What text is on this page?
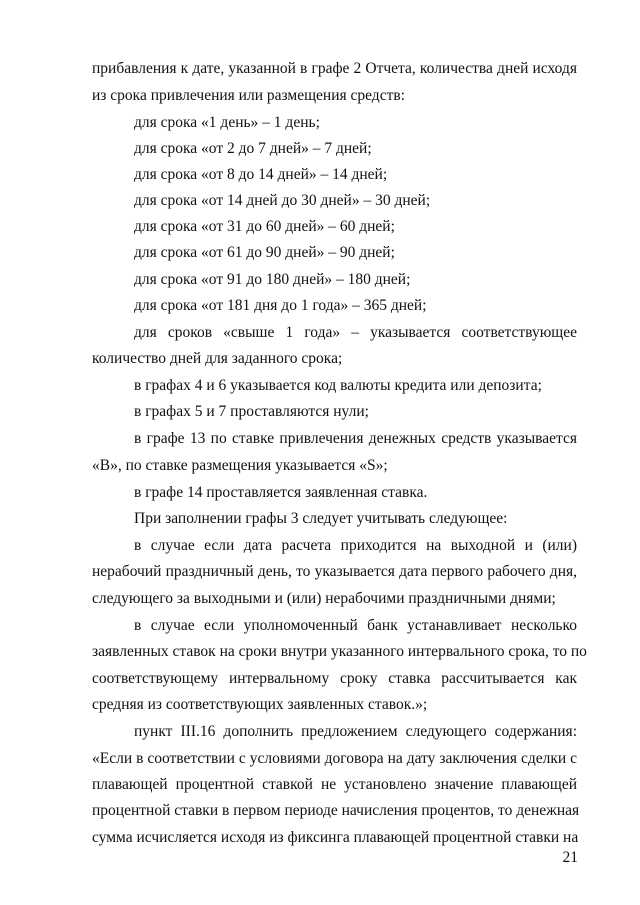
прибавления к дате, указанной в графе 2 Отчета, количества дней исходя
из срока привлечения или размещения средств:
для срока «1 день» – 1 день;
для срока «от 2 до 7 дней» – 7 дней;
для срока «от 8 до 14 дней» – 14 дней;
для срока «от 14 дней до 30 дней» – 30 дней;
для срока «от 31 до 60 дней» – 60 дней;
для срока «от 61 до 90 дней» – 90 дней;
для срока «от 91 до 180 дней» – 180 дней;
для срока «от 181 дня до 1 года» – 365 дней;
для сроков «свыше 1 года» – указывается соответствующее
количество дней для заданного срока;
в графах 4 и 6 указывается код валюты кредита или депозита;
в графах 5 и 7 проставляются нули;
в графе 13 по ставке привлечения денежных средств указывается
«B», по ставке размещения указывается «S»;
в графе 14 проставляется заявленная ставка.
При заполнении графы 3 следует учитывать следующее:
в случае если дата расчета приходится на выходной и (или)
нерабочий праздничный день, то указывается дата первого рабочего дня,
следующего за выходными и (или) нерабочими праздничными днями;
в случае если уполномоченный банк устанавливает несколько
заявленных ставок на сроки внутри указанного интервального срока, то по
соответствующему интервальному сроку ставка рассчитывается как
средняя из соответствующих заявленных ставок.»;
пункт III.16 дополнить предложением следующего содержания:
«Если в соответствии с условиями договора на дату заключения сделки с
плавающей процентной ставкой не установлено значение плавающей
процентной ставки в первом периоде начисления процентов, то денежная
сумма исчисляется исходя из фиксинга плавающей процентной ставки на
21
